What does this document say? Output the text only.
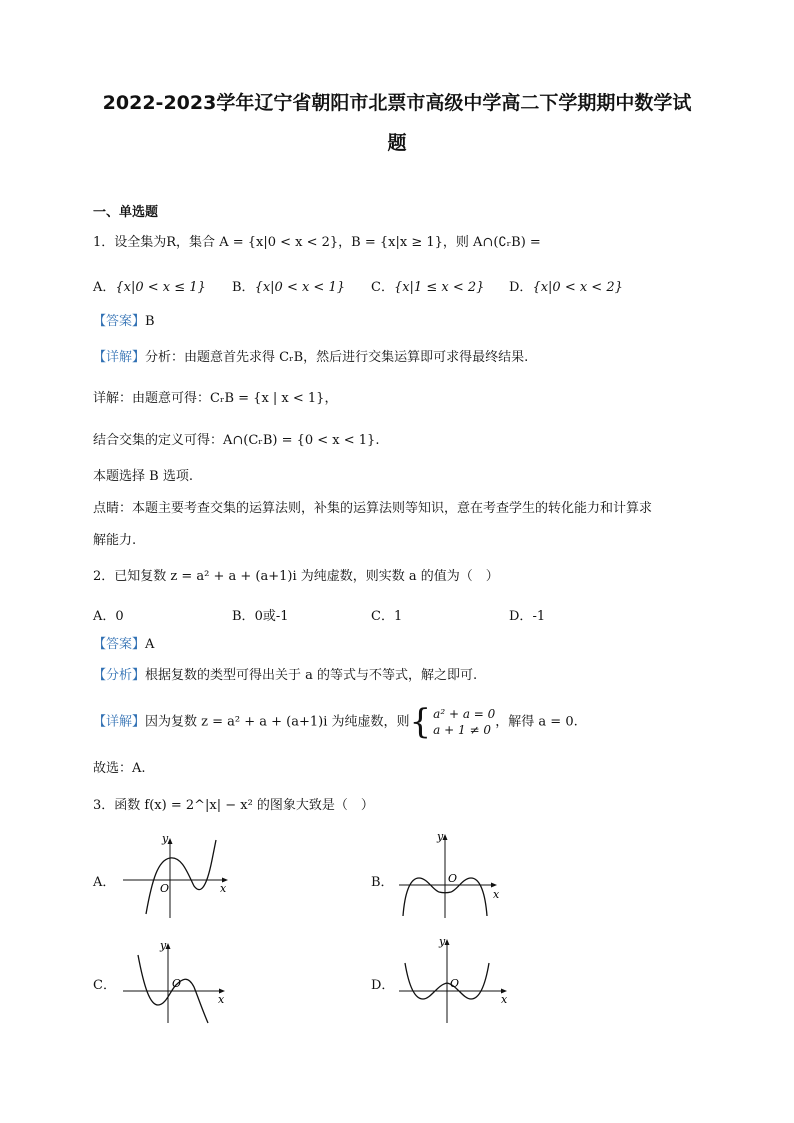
2022-2023学年辽宁省朝阳市北票市高级中学高二下学期期中数学试
题
一、单选题
1．设全集为R，集合 A = {x|0 < x < 2}，B = {x|x ≥ 1}，则 A∩(∁ᵣB) =
A．{x|0 < x ≤ 1} B．{x|0 < x < 1} C．{x|1 ≤ x < 2} D．{x|0 < x < 2}
【答案】B
【详解】分析：由题意首先求得 CᵣB，然后进行交集运算即可求得最终结果.
详解：由题意可得：CᵣB = {x | x < 1}，
结合交集的定义可得：A∩(CᵣB) = {0 < x < 1}.
本题选择 B 选项.
点睛：本题主要考查交集的运算法则，补集的运算法则等知识，意在考查学生的转化能力和计算求
解能力.
2．已知复数 z = a² + a + (a+1)i 为纯虚数，则实数 a 的值为（　）
A．0	B．0或-1	C．1	D．-1
【答案】A
【分析】根据复数的类型可得出关于 a 的等式与不等式，解之即可.
【详解】因为复数 z = a² + a + (a+1)i 为纯虚数，则 { a² + a = 0
a + 1 ≠ 0
，解得 a = 0.
故选：A.
3．函数 f(x) = 2^|x| − x² 的图象大致是（　）
A．
y
x
O	B．
y
x
O
C．
y
x
O	D．
y
x
O
